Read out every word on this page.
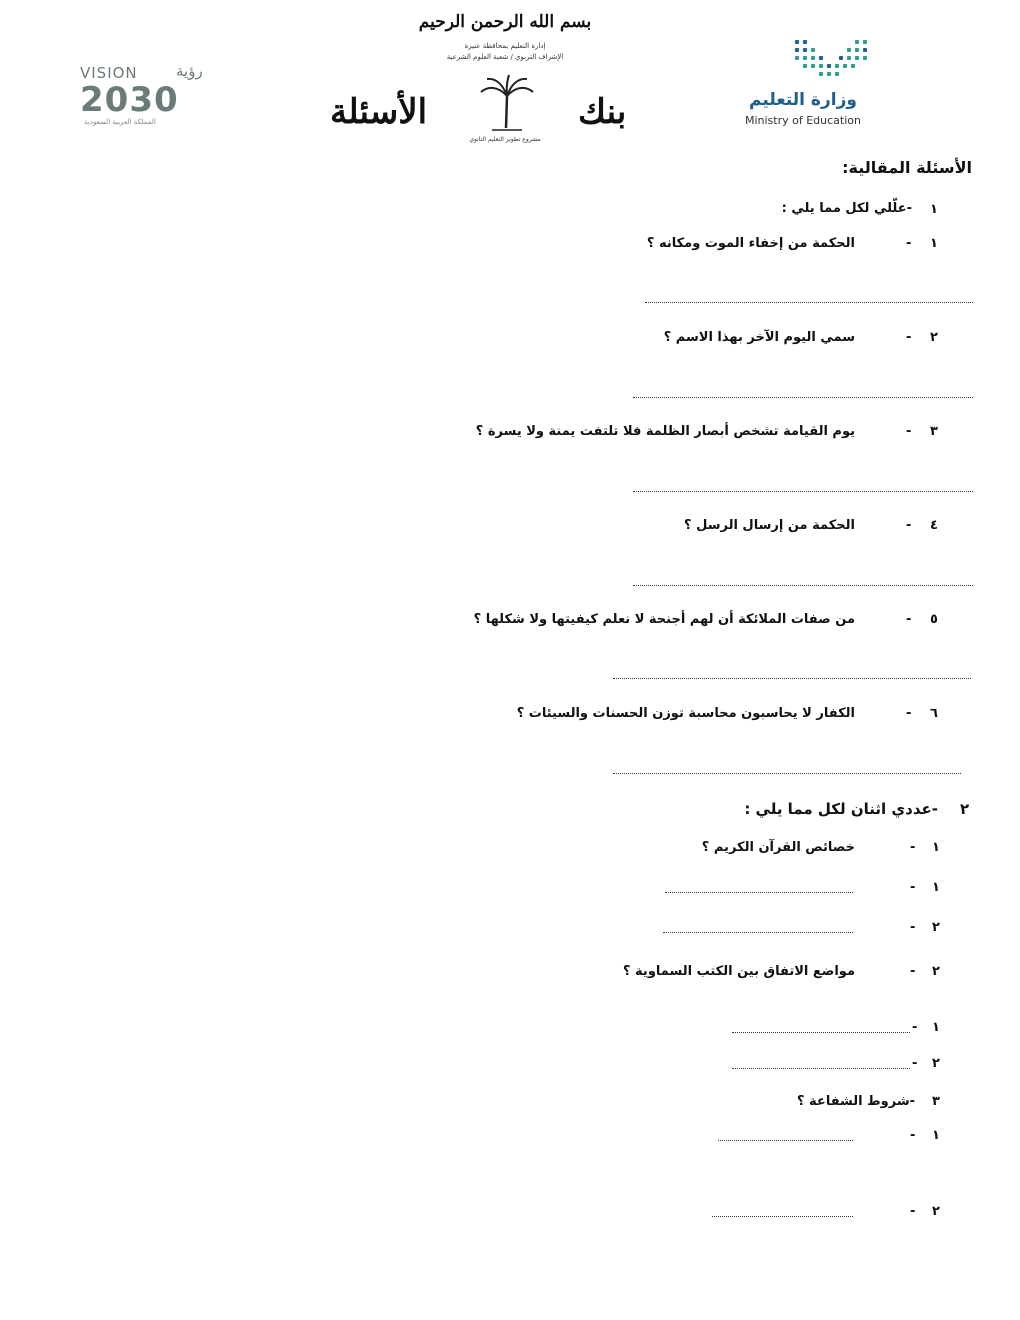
VISION	رؤية
2030
المملكة العربية السعودية
بسم الله الرحمن الرحيم
إدارة التعليم بمحافظة عنيزة
الإشراف التربوي / شعبة العلوم الشرعية
بنك
الأسئلة
مشروع تطوير التعليم الثانوي
وزارة التعليم
Ministry of Education
الأسئلة المقالية:
١
-علّلي لكل مما يلي :
١
-
الحكمة من إخفاء الموت ومكانه ؟
٢
-
سمي اليوم الآخر بهذا الاسم ؟
٣
-
يوم القيامة تشخص أبصار الظلمة فلا تلتفت يمنة ولا يسرة ؟
٤
-
الحكمة من إرسال الرسل ؟
٥
-
من صفات الملائكة أن لهم أجنحة لا نعلم كيفيتها ولا شكلها ؟
٦
-
الكفار لا يحاسبون محاسبة توزن الحسنات والسيئات ؟
٢
-عددي اثنان لكل مما يلي :
١
-
خصائص القرآن الكريم ؟
١
-
٢
-
٢
-
مواضع الاتفاق بين الكتب السماوية ؟
١
-
٢
-
٣
-شروط الشفاعة ؟
١
-
٢
-
